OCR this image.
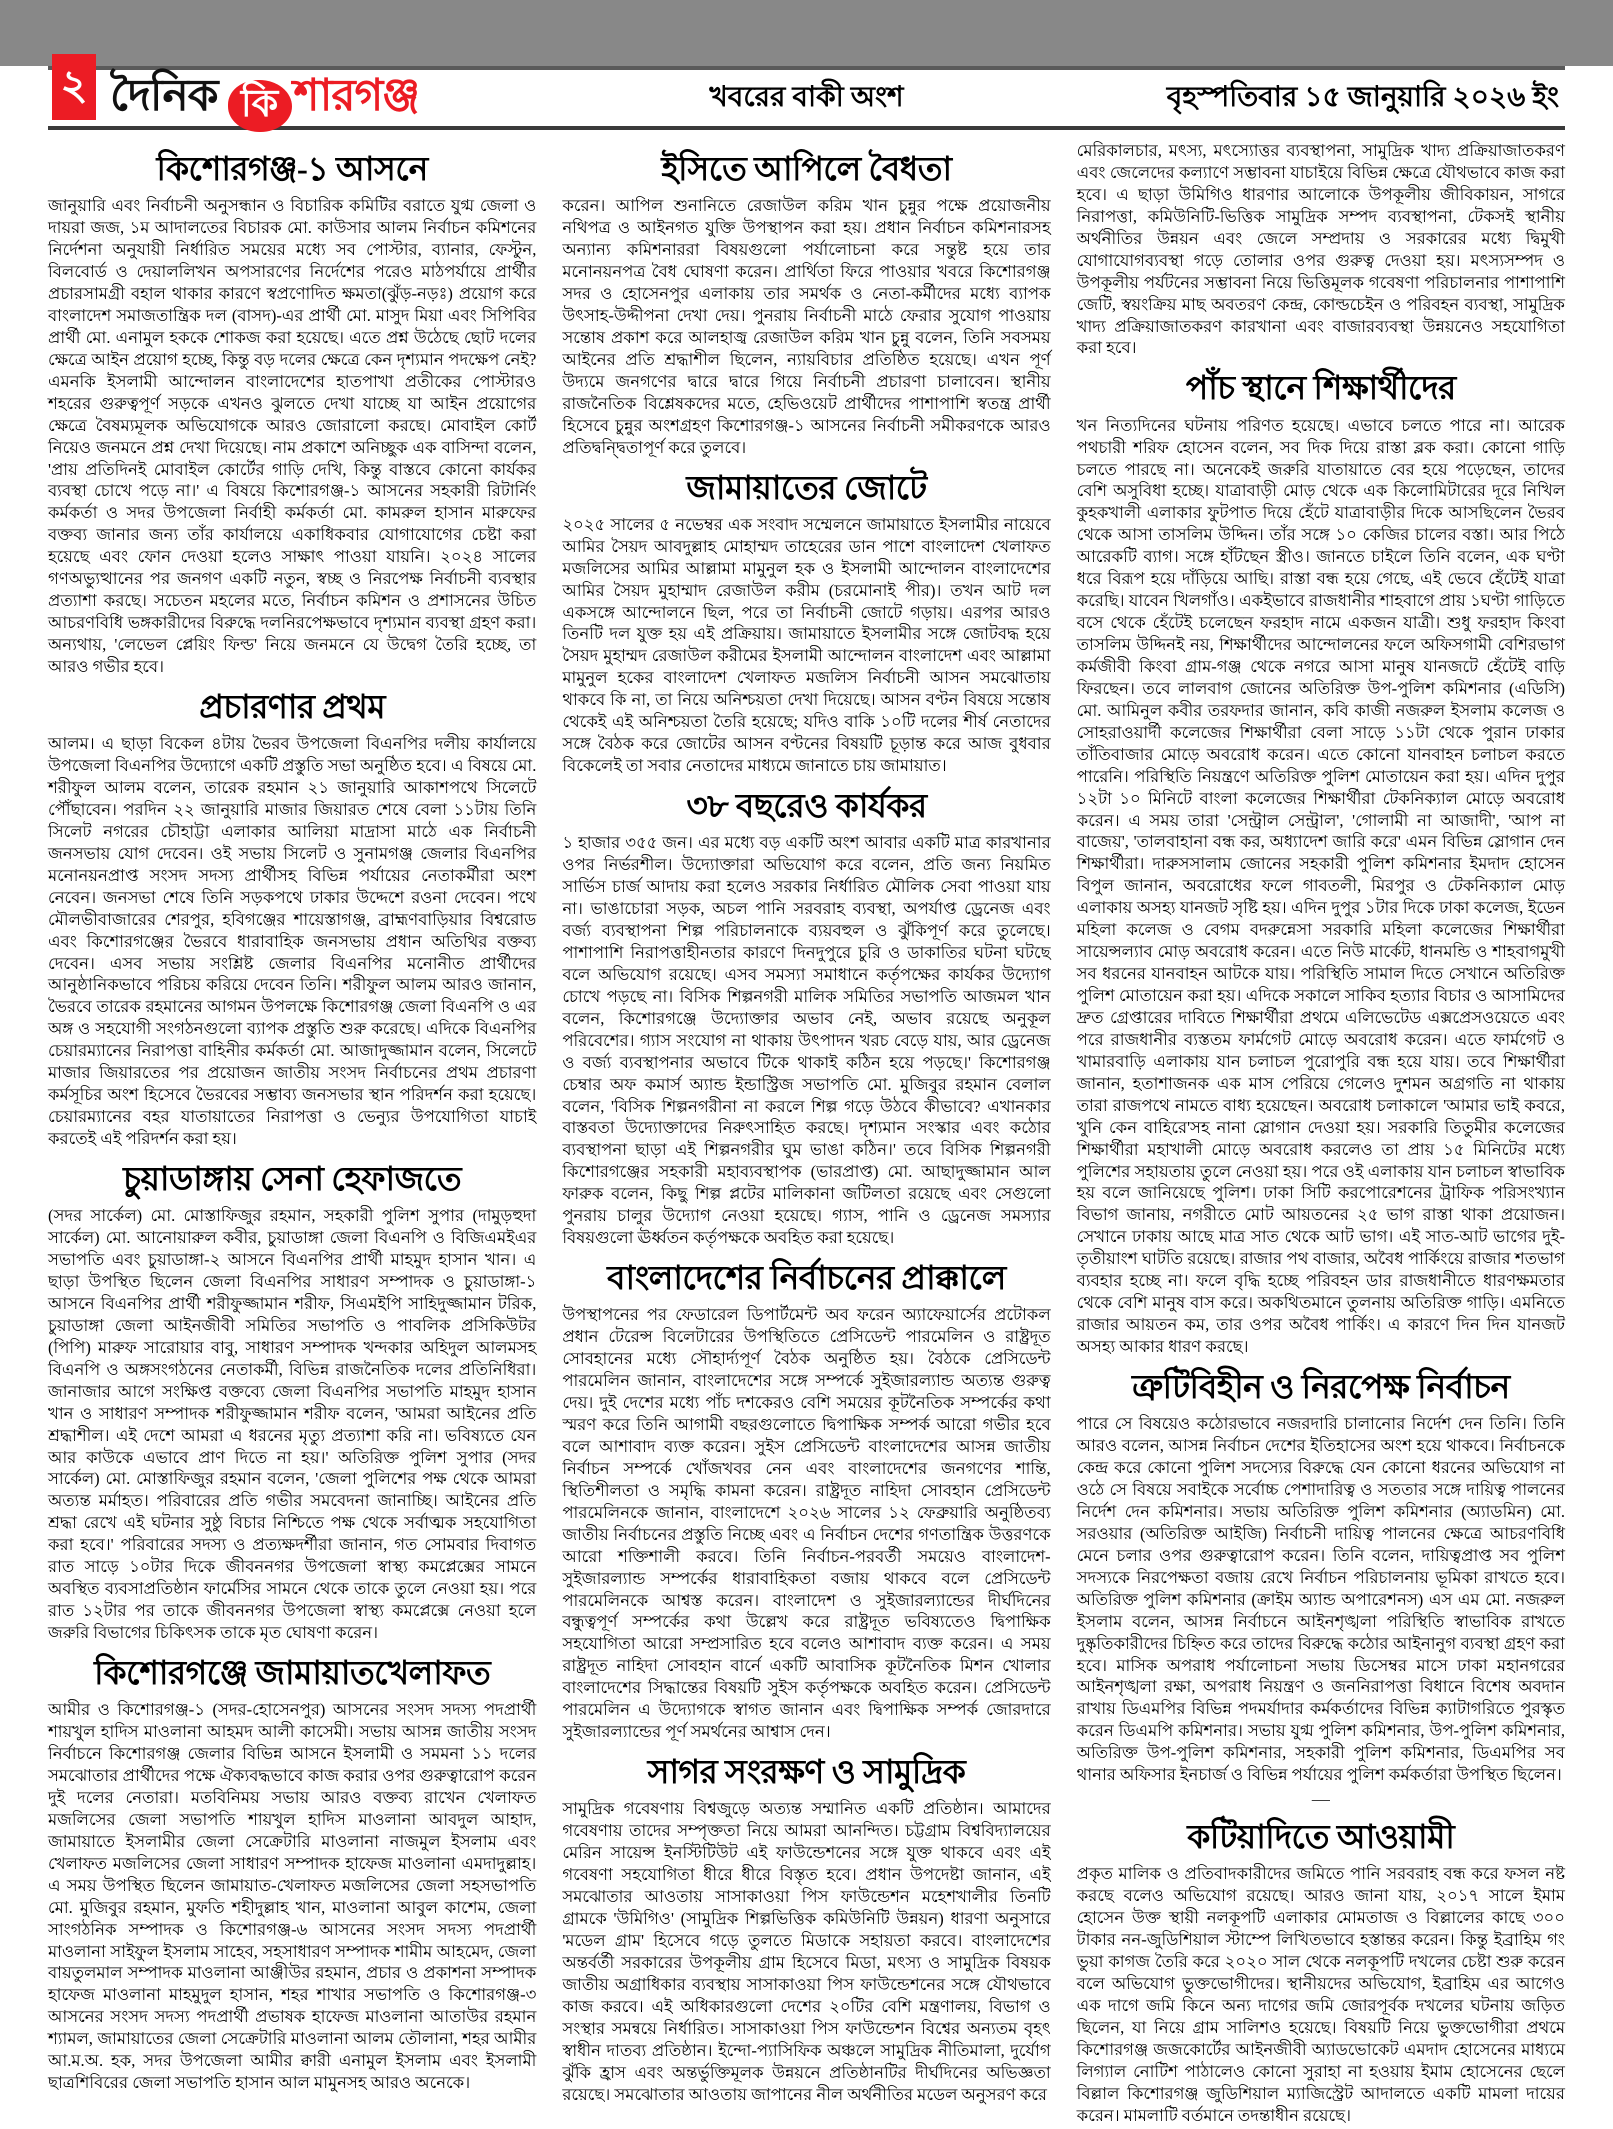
২ দৈনিক কি শারগঞ্জ	খবরের বাকী অংশ	বৃহস্পতিবার ১৫ জানুয়ারি ২০২৬ ইং
কিশোরগঞ্জ-১ আসনে

জানুয়ারি এবং নির্বাচনী অনুসন্ধান ও বিচারিক কমিটির বরাতে যুগ্ম জেলা ও দায়রা জজ, ১ম আদালতের বিচারক মো. কাউসার আলম নির্বাচন কমিশনের নির্দেশনা অনুযায়ী নির্ধারিত সময়ের মধ্যে সব পোস্টার, ব্যানার, ফেস্টুন, বিলবোর্ড ও দেয়াললিখন অপসারণের নির্দেশের পরেও মাঠপর্যায়ে প্রার্থীর প্রচারসামগ্রী বহাল থাকার কারণে স্বপ্রণোদিত ক্ষমতা(ঝুঁড়-নড়ঃ) প্রয়োগ করে বাংলাদেশ সমাজতান্ত্রিক দল (বাসদ)-এর প্রার্থী মো. মাসুদ মিয়া এবং সিপিবির প্রার্থী মো. এনামুল হককে শোকজ করা হয়েছে। এতে প্রশ্ন উঠেছে ছোট দলের ক্ষেত্রে আইন প্রয়োগ হচ্ছে, কিন্তু বড় দলের ক্ষেত্রে কেন দৃশ্যমান পদক্ষেপ নেই? এমনকি ইসলামী আন্দোলন বাংলাদেশের হাতপাখা প্রতীকের পোস্টারও শহরের গুরুত্বপূর্ণ সড়কে এখনও ঝুলতে দেখা যাচ্ছে যা আইন প্রয়োগের ক্ষেত্রে বৈষম্যমূলক অভিযোগকে আরও জোরালো করছে। মোবাইল কোর্ট নিয়েও জনমনে প্রশ্ন দেখা দিয়েছে। নাম প্রকাশে অনিচ্ছুক এক বাসিন্দা বলেন, 'প্রায় প্রতিদিনই মোবাইল কোর্টের গাড়ি দেখি, কিন্তু বাস্তবে কোনো কার্যকর ব্যবস্থা চোখে পড়ে না।' এ বিষয়ে কিশোরগঞ্জ-১ আসনের সহকারী রিটার্নিং কর্মকর্তা ও সদর উপজেলা নির্বাহী কর্মকর্তা মো. কামরুল হাসান মারুফের বক্তব্য জানার জন্য তাঁর কার্যালয়ে একাধিকবার যোগাযোগের চেষ্টা করা হয়েছে এবং ফোন দেওয়া হলেও সাক্ষাৎ পাওয়া যায়নি। ২০২৪ সালের গণঅভ্যুত্থানের পর জনগণ একটি নতুন, স্বচ্ছ ও নিরপেক্ষ নির্বাচনী ব্যবস্থার প্রত্যাশা করছে। সচেতন মহলের মতে, নির্বাচন কমিশন ও প্রশাসনের উচিত আচরণবিধি ভঙ্গকারীদের বিরুদ্ধে দলনিরপেক্ষভাবে দৃশ্যমান ব্যবস্থা গ্রহণ করা। অন্যথায়, 'লেভেল প্লেয়িং ফিল্ড' নিয়ে জনমনে যে উদ্বেগ তৈরি হচ্ছে, তা আরও গভীর হবে।

প্রচারণার প্রথম

আলম। এ ছাড়া বিকেল ৪টায় ভৈরব উপজেলা বিএনপির দলীয় কার্যালয়ে উপজেলা বিএনপির উদ্যোগে একটি প্রস্তুতি সভা অনুষ্ঠিত হবে। এ বিষয়ে মো. শরীফুল আলম বলেন, তারেক রহমান ২১ জানুয়ারি আকাশপথে সিলেটে পৌঁছাবেন। পরদিন ২২ জানুয়ারি মাজার জিয়ারত শেষে বেলা ১১টায় তিনি সিলেট নগরের চৌহাট্টা এলাকার আলিয়া মাদ্রাসা মাঠে এক নির্বাচনী জনসভায় যোগ দেবেন। ওই সভায় সিলেট ও সুনামগঞ্জ জেলার বিএনপির মনোনয়নপ্রাপ্ত সংসদ সদস্য প্রার্থীসহ বিভিন্ন পর্যায়ের নেতাকর্মীরা অংশ নেবেন। জনসভা শেষে তিনি সড়কপথে ঢাকার উদ্দেশে রওনা দেবেন। পথে মৌলভীবাজারের শেরপুর, হবিগঞ্জের শায়েস্তাগঞ্জ, ব্রাহ্মণবাড়িয়ার বিশ্বরোড এবং কিশোরগঞ্জের ভৈরবে ধারাবাহিক জনসভায় প্রধান অতিথির বক্তব্য দেবেন। এসব সভায় সংশ্লিষ্ট জেলার বিএনপির মনোনীত প্রার্থীদের আনুষ্ঠানিকভাবে পরিচয় করিয়ে দেবেন তিনি। শরীফুল আলম আরও জানান, ভৈরবে তারেক রহমানের আগমন উপলক্ষে কিশোরগঞ্জ জেলা বিএনপি ও এর অঙ্গ ও সহযোগী সংগঠনগুলো ব্যাপক প্রস্তুতি শুরু করেছে। এদিকে বিএনপির চেয়ারম্যানের নিরাপত্তা বাহিনীর কর্মকর্তা মো. আজাদুজ্জামান বলেন, সিলেটে মাজার জিয়ারতের পর প্রয়োজন জাতীয় সংসদ নির্বাচনের প্রথম প্রচারণা কর্মসূচির অংশ হিসেবে ভৈরবের সম্ভাব্য জনসভার স্থান পরিদর্শন করা হয়েছে। চেয়ারম্যানের বহর যাতায়াতের নিরাপত্তা ও ভেন্যুর উপযোগিতা যাচাই করতেই এই পরিদর্শন করা হয়।

চুয়াডাঙ্গায় সেনা হেফাজতে

(সদর সার্কেল) মো. মোস্তাফিজুর রহমান, সহকারী পুলিশ সুপার (দামুড়হুদা সার্কেল) মো. আনোয়ারুল কবীর, চুয়াডাঙ্গা জেলা বিএনপি ও বিজিএমইএর সভাপতি এবং চুয়াডাঙ্গা-২ আসনে বিএনপির প্রার্থী মাহমুদ হাসান খান। এ ছাড়া উপস্থিত ছিলেন জেলা বিএনপির সাধারণ সম্পাদক ও চুয়াডাঙ্গা-১ আসনে বিএনপির প্রার্থী শরীফুজ্জামান শরীফ, সিএমইপি সাহিদুজ্জামান টরিক, চুয়াডাঙ্গা জেলা আইনজীবী সমিতির সভাপতি ও পাবলিক প্রসিকিউটর (পিপি) মারুফ সারোয়ার বাবু, সাধারণ সম্পাদক খন্দকার অহিদুল আলমসহ বিএনপি ও অঙ্গসংগঠনের নেতাকর্মী, বিভিন্ন রাজনৈতিক দলের প্রতিনিধিরা। জানাজার আগে সংক্ষিপ্ত বক্তব্যে জেলা বিএনপির সভাপতি মাহমুদ হাসান খান ও সাধারণ সম্পাদক শরীফুজ্জামান শরীফ বলেন, 'আমরা আইনের প্রতি শ্রদ্ধাশীল। এই দেশে আমরা এ ধরনের মৃত্যু প্রত্যাশা করি না। ভবিষ্যতে যেন আর কাউকে এভাবে প্রাণ দিতে না হয়।' অতিরিক্ত পুলিশ সুপার (সদর সার্কেল) মো. মোস্তাফিজুর রহমান বলেন, 'জেলা পুলিশের পক্ষ থেকে আমরা অত্যন্ত মর্মাহত। পরিবারের প্রতি গভীর সমবেদনা জানাচ্ছি। আইনের প্রতি শ্রদ্ধা রেখে এই ঘটনার সুষ্ঠু বিচার নিশ্চিতে পক্ষ থেকে সর্বাত্মক সহযোগিতা করা হবে।' পরিবারের সদস্য ও প্রত্যক্ষদর্শীরা জানান, গত সোমবার দিবাগত রাত সাড়ে ১০টার দিকে জীবননগর উপজেলা স্বাস্থ্য কমপ্লেক্সের সামনে অবস্থিত ব্যবসাপ্রতিষ্ঠান ফার্মেসির সামনে থেকে তাকে তুলে নেওয়া হয়। পরে রাত ১২টার পর তাকে জীবননগর উপজেলা স্বাস্থ্য কমপ্লেক্সে নেওয়া হলে জরুরি বিভাগের চিকিৎসক তাকে মৃত ঘোষণা করেন।

কিশোরগঞ্জে জামায়াতখেলাফত

আমীর ও কিশোরগঞ্জ-১ (সদর-হোসেনপুর) আসনের সংসদ সদস্য পদপ্রার্থী শায়খুল হাদিস মাওলানা আহমদ আলী কাসেমী। সভায় আসন্ন জাতীয় সংসদ নির্বাচনে কিশোরগঞ্জ জেলার বিভিন্ন আসনে ইসলামী ও সমমনা ১১ দলের সমঝোতার প্রার্থীদের পক্ষে ঐক্যবদ্ধভাবে কাজ করার ওপর গুরুত্বারোপ করেন দুই দলের নেতারা। মতবিনিময় সভায় আরও বক্তব্য রাখেন খেলাফত মজলিসের জেলা সভাপতি শায়খুল হাদিস মাওলানা আবদুল আহাদ, জামায়াতে ইসলামীর জেলা সেক্রেটারি মাওলানা নাজমুল ইসলাম এবং খেলাফত মজলিসের জেলা সাধারণ সম্পাদক হাফেজ মাওলানা এমদাদুল্লাহ। এ সময় উপস্থিত ছিলেন জামায়াত-খেলাফত মজলিসের জেলা সহসভাপতি মো. মুজিবুর রহমান, মুফতি শহীদুল্লাহ খান, মাওলানা আবুল কাশেম, জেলা সাংগঠনিক সম্পাদক ও কিশোরগঞ্জ-৬ আসনের সংসদ সদস্য পদপ্রার্থী মাওলানা সাইফুল ইসলাম সাহেব, সহসাধারণ সম্পাদক শামীম আহমেদ, জেলা বায়তুলমাল সম্পাদক মাওলানা আঞ্জীউর রহমান, প্রচার ও প্রকাশনা সম্পাদক হাফেজ মাওলানা মাহমুদুল হাসান, শহর শাখার সভাপতি ও কিশোরগঞ্জ-৩ আসনের সংসদ সদস্য পদপ্রার্থী প্রভাষক হাফেজ মাওলানা আতাউর রহমান শ্যামল, জামায়াতের জেলা সেক্রেটারি মাওলানা আলম তৌলানা, শহর আমীর আ.ম.অ. হক, সদর উপজেলা আমীর ক্বারী এনামুল ইসলাম এবং ইসলামী ছাত্রশিবিরের জেলা সভাপতি হাসান আল মামুনসহ আরও অনেকে।

ইসিতে আপিলে বৈধতা

করেন। আপিল শুনানিতে রেজাউল করিম খান চুন্নুর পক্ষে প্রয়োজনীয় নথিপত্র ও আইনগত যুক্তি উপস্থাপন করা হয়। প্রধান নির্বাচন কমিশনারসহ অন্যান্য কমিশনাররা বিষয়গুলো পর্যালোচনা করে সন্তুষ্ট হয়ে তার মনোনয়নপত্র বৈধ ঘোষণা করেন। প্রার্থিতা ফিরে পাওয়ার খবরে কিশোরগঞ্জ সদর ও হোসেনপুর এলাকায় তার সমর্থক ও নেতা-কর্মীদের মধ্যে ব্যাপক উৎসাহ-উদ্দীপনা দেখা দেয়। পুনরায় নির্বাচনী মাঠে ফেরার সুযোগ পাওয়ায় সন্তোষ প্রকাশ করে আলহাজ্ব রেজাউল করিম খান চুন্নু বলেন, তিনি সবসময় আইনের প্রতি শ্রদ্ধাশীল ছিলেন, ন্যায়বিচার প্রতিষ্ঠিত হয়েছে। এখন পূর্ণ উদ্যমে জনগণের দ্বারে দ্বারে গিয়ে নির্বাচনী প্রচারণা চালাবেন। স্থানীয় রাজনৈতিক বিশ্লেষকদের মতে, হেভিওয়েট প্রার্থীদের পাশাপাশি স্বতন্ত্র প্রার্থী হিসেবে চুন্নুর অংশগ্রহণ কিশোরগঞ্জ-১ আসনের নির্বাচনী সমীকরণকে আরও প্রতিদ্বন্দ্বিতাপূর্ণ করে তুলবে।

জামায়াতের জোটে

২০২৫ সালের ৫ নভেম্বর এক সংবাদ সম্মেলনে জামায়াতে ইসলামীর নায়েবে আমির সৈয়দ আবদুল্লাহ মোহাম্মদ তাহেরের ডান পাশে বাংলাদেশ খেলাফত মজলিসের আমির আল্লামা মামুনুল হক ও ইসলামী আন্দোলন বাংলাদেশের আমির সৈয়দ মুহাম্মাদ রেজাউল করীম (চরমোনাই পীর)। তখন আট দল একসঙ্গে আন্দোলনে ছিল, পরে তা নির্বাচনী জোটে গড়ায়। এরপর আরও তিনটি দল যুক্ত হয় এই প্রক্রিয়ায়। জামায়াতে ইসলামীর সঙ্গে জোটবদ্ধ হয়ে সৈয়দ মুহাম্মদ রেজাউল করীমের ইসলামী আন্দোলন বাংলাদেশ এবং আল্লামা মামুনুল হকের বাংলাদেশ খেলাফত মজলিস নির্বাচনী আসন সমঝোতায় থাকবে কি না, তা নিয়ে অনিশ্চয়তা দেখা দিয়েছে। আসন বণ্টন বিষয়ে সন্তোষ থেকেই এই অনিশ্চয়তা তৈরি হয়েছে; যদিও বাকি ১০টি দলের শীর্ষ নেতাদের সঙ্গে বৈঠক করে জোটের আসন বণ্টনের বিষয়টি চূড়ান্ত করে আজ বুধবার বিকেলেই তা সবার নেতাদের মাধ্যমে জানাতে চায় জামায়াত।

৩৮ বছরেও কার্যকর

১ হাজার ৩৫৫ জন। এর মধ্যে বড় একটি অংশ আবার একটি মাত্র কারখানার ওপর নির্ভরশীল। উদ্যোক্তারা অভিযোগ করে বলেন, প্রতি জন্য নিয়মিত সার্ভিস চার্জ আদায় করা হলেও সরকার নির্ধারিত মৌলিক সেবা পাওয়া যায় না। ভাঙাচোরা সড়ক, অচল পানি সরবরাহ ব্যবস্থা, অপর্যাপ্ত ড্রেনেজ এবং বর্জ্য ব্যবস্থাপনা শিল্প পরিচালনাকে ব্যয়বহুল ও ঝুঁকিপূর্ণ করে তুলেছে। পাশাপাশি নিরাপত্তাহীনতার কারণে দিনদুপুরে চুরি ও ডাকাতির ঘটনা ঘটছে বলে অভিযোগ রয়েছে। এসব সমস্যা সমাধানে কর্তৃপক্ষের কার্যকর উদ্যোগ চোখে পড়ছে না। বিসিক শিল্পনগরী মালিক সমিতির সভাপতি আজমল খান বলেন, কিশোরগঞ্জে উদ্যোক্তার অভাব নেই, অভাব রয়েছে অনুকূল পরিবেশের। গ্যাস সংযোগ না থাকায় উৎপাদন খরচ বেড়ে যায়, আর ড্রেনেজ ও বর্জ্য ব্যবস্থাপনার অভাবে টিকে থাকাই কঠিন হয়ে পড়ছে।' কিশোরগঞ্জ চেম্বার অফ কমার্স অ্যান্ড ইন্ডাস্ট্রিজ সভাপতি মো. মুজিবুর রহমান বেলাল বলেন, 'বিসিক শিল্পনগরীনা না করলে শিল্প গড়ে উঠবে কীভাবে? এখানকার বাস্তবতা উদ্যোক্তাদের নিরুৎসাহিত করছে। দৃশ্যমান সংস্কার এবং কঠোর ব্যবস্থাপনা ছাড়া এই শিল্পনগরীর ঘুম ভাঙা কঠিন।' তবে বিসিক শিল্পনগরী কিশোরগঞ্জের সহকারী মহাব্যবস্থাপক (ভারপ্রাপ্ত) মো. আছাদুজ্জামান আল ফারুক বলেন, কিছু শিল্প প্লটের মালিকানা জটিলতা রয়েছে এবং সেগুলো পুনরায় চালুর উদ্যোগ নেওয়া হয়েছে। গ্যাস, পানি ও ড্রেনেজ সমস্যার বিষয়গুলো ঊর্ধ্বতন কর্তৃপক্ষকে অবহিত করা হয়েছে।

বাংলাদেশের নির্বাচনের প্রাক্কালে

উপস্থাপনের পর ফেডারেল ডিপার্টমেন্ট অব ফরেন অ্যাফেয়ার্সের প্রটোকল প্রধান টেরেন্স বিলেটারের উপস্থিতিতে প্রেসিডেন্ট পারমেলিন ও রাষ্ট্রদূত সোবহানের মধ্যে সৌহার্দ্যপূর্ণ বৈঠক অনুষ্ঠিত হয়। বৈঠকে প্রেসিডেন্ট পারমেলিন জানান, বাংলাদেশের সঙ্গে সম্পর্কে সুইজারল্যান্ড অত্যন্ত গুরুত্ব দেয়। দুই দেশের মধ্যে পাঁচ দশকেরও বেশি সময়ের কূটনৈতিক সম্পর্কের কথা স্মরণ করে তিনি আগামী বছরগুলোতে দ্বিপাক্ষিক সম্পর্ক আরো গভীর হবে বলে আশাবাদ ব্যক্ত করেন। সুইস প্রেসিডেন্ট বাংলাদেশের আসন্ন জাতীয় নির্বাচন সম্পর্কে খোঁজখবর নেন এবং বাংলাদেশের জনগণের শান্তি, স্থিতিশীলতা ও সমৃদ্ধি কামনা করেন। রাষ্ট্রদূত নাহিদা সোবহান প্রেসিডেন্ট পারমেলিনকে জানান, বাংলাদেশে ২০২৬ সালের ১২ ফেব্রুয়ারি অনুষ্ঠিতব্য জাতীয় নির্বাচনের প্রস্তুতি নিচ্ছে এবং এ নির্বাচন দেশের গণতান্ত্রিক উত্তরণকে আরো শক্তিশালী করবে। তিনি নির্বাচন-পরবর্তী সময়েও বাংলাদেশ-সুইজারল্যান্ড সম্পর্কের ধারাবাহিকতা বজায় থাকবে বলে প্রেসিডেন্ট পারমেলিনকে আশ্বস্ত করেন। বাংলাদেশ ও সুইজারল্যান্ডের দীর্ঘদিনের বন্ধুত্বপূর্ণ সম্পর্কের কথা উল্লেখ করে রাষ্ট্রদূত ভবিষ্যতেও দ্বিপাক্ষিক সহযোগিতা আরো সম্প্রসারিত হবে বলেও আশাবাদ ব্যক্ত করেন। এ সময় রাষ্ট্রদূত নাহিদা সোবহান বার্নে একটি আবাসিক কূটনৈতিক মিশন খোলার বাংলাদেশের সিদ্ধান্তের বিষয়টি সুইস কর্তৃপক্ষকে অবহিত করেন। প্রেসিডেন্ট পারমেলিন এ উদ্যোগকে স্বাগত জানান এবং দ্বিপাক্ষিক সম্পর্ক জোরদারে সুইজারল্যান্ডের পূর্ণ সমর্থনের আশ্বাস দেন।

সাগর সংরক্ষণ ও সামুদ্রিক

সামুদ্রিক গবেষণায় বিশ্বজুড়ে অত্যন্ত সম্মানিত একটি প্রতিষ্ঠান। আমাদের গবেষণায় তাদের সম্পৃক্ততা নিয়ে আমরা আনন্দিত। চট্টগ্রাম বিশ্ববিদ্যালয়ের মেরিন সায়েন্স ইনস্টিটিউট এই ফাউন্ডেশনের সঙ্গে যুক্ত থাকবে এবং এই গবেষণা সহযোগিতা ধীরে ধীরে বিস্তৃত হবে। প্রধান উপদেষ্টা জানান, এই সমঝোতার আওতায় সাসাকাওয়া পিস ফাউন্ডেশন মহেশখালীর তিনটি গ্রামকে 'উমিগিও' (সামুদ্রিক শিল্পভিত্তিক কমিউনিটি উন্নয়ন) ধারণা অনুসারে 'মডেল গ্রাম' হিসেবে গড়ে তুলতে মিডাকে সহায়তা করবে। বাংলাদেশের অন্তর্বর্তী সরকারের উপকূলীয় গ্রাম হিসেবে মিডা, মৎস্য ও সামুদ্রিক বিষয়ক জাতীয় অগ্রাধিকার ব্যবস্থায় সাসাকাওয়া পিস ফাউন্ডেশনের সঙ্গে যৌথভাবে কাজ করবে। এই অধিকারগুলো দেশের ২০টির বেশি মন্ত্রণালয়, বিভাগ ও সংস্থার সমন্বয়ে নির্ধারিত। সাসাকাওয়া পিস ফাউন্ডেশন বিশ্বের অন্যতম বৃহৎ স্বাধীন দাতব্য প্রতিষ্ঠান। ইন্দো-প্যাসিফিক অঞ্চলে সামুদ্রিক নীতিমালা, দুর্যোগ ঝুঁকি হ্রাস এবং অন্তর্ভুক্তিমূলক উন্নয়নে প্রতিষ্ঠানটির দীর্ঘদিনের অভিজ্ঞতা রয়েছে। সমঝোতার আওতায় জাপানের নীল অর্থনীতির মডেল অনুসরণ করে

মেরিকালচার, মৎস্য, মৎস্যোত্তর ব্যবস্থাপনা, সামুদ্রিক খাদ্য প্রক্রিয়াজাতকরণ এবং জেলেদের কল্যাণে সম্ভাবনা যাচাইয়ে বিভিন্ন ক্ষেত্রে যৌথভাবে কাজ করা হবে। এ ছাড়া উমিগিও ধারণার আলোকে উপকূলীয় জীবিকায়ন, সাগরে নিরাপত্তা, কমিউনিটি-ভিত্তিক সামুদ্রিক সম্পদ ব্যবস্থাপনা, টেকসই স্থানীয় অর্থনীতির উন্নয়ন এবং জেলে সম্প্রদায় ও সরকারের মধ্যে দ্বিমুখী যোগাযোগব্যবস্থা গড়ে তোলার ওপর গুরুত্ব দেওয়া হয়। মৎস্যসম্পদ ও উপকূলীয় পর্যটনের সম্ভাবনা নিয়ে ভিত্তিমূলক গবেষণা পরিচালনার পাশাপাশি জেটি, স্বয়ংক্রিয় মাছ অবতরণ কেন্দ্র, কোল্ডচেইন ও পরিবহন ব্যবস্থা, সামুদ্রিক খাদ্য প্রক্রিয়াজাতকরণ কারখানা এবং বাজারব্যবস্থা উন্নয়নেও সহযোগিতা করা হবে।

পাঁচ স্থানে শিক্ষার্থীদের

খন নিত্যদিনের ঘটনায় পরিণত হয়েছে। এভাবে চলতে পারে না। আরেক পথচারী শরিফ হোসেন বলেন, সব দিক দিয়ে রাস্তা ব্লক করা। কোনো গাড়ি চলতে পারছে না। অনেকেই জরুরি যাতায়াতে বের হয়ে পড়েছেন, তাদের বেশি অসুবিধা হচ্ছে। যাত্রাবাড়ী মোড় থেকে এক কিলোমিটারের দূরে নিখিল কুহকখালী এলাকার ফুটপাত দিয়ে হেঁটে যাত্রাবাড়ীর দিকে আসছিলেন ভৈরব থেকে আসা তাসলিম উদ্দিন। তাঁর সঙ্গে ১০ কেজির চালের বস্তা। আর পিঠে আরেকটি ব্যাগ। সঙ্গে হাঁটছেন স্ত্রীও। জানতে চাইলে তিনি বলেন, এক ঘণ্টা ধরে বিরূপ হয়ে দাঁড়িয়ে আছি। রাস্তা বন্ধ হয়ে গেছে, এই ভেবে হেঁটেই যাত্রা করেছি। যাবেন খিলগাঁও। একইভাবে রাজধানীর শাহবাগে প্রায় ১ঘণ্টা গাড়িতে বসে থেকে হেঁটেই চলেছেন ফরহাদ নামে একজন যাত্রী। শুধু ফরহাদ কিংবা তাসলিম উদ্দিনই নয়, শিক্ষার্থীদের আন্দোলনের ফলে অফিসগামী বেশিরভাগ কর্মজীবী কিংবা গ্রাম-গঞ্জ থেকে নগরে আসা মানুষ যানজটে হেঁটেই বাড়ি ফিরছেন। তবে লালবাগ জোনের অতিরিক্ত উপ-পুলিশ কমিশনার (এডিসি) মো. আমিনুল কবীর তরফদার জানান, কবি কাজী নজরুল ইসলাম কলেজ ও সোহরাওয়ার্দী কলেজের শিক্ষার্থীরা বেলা সাড়ে ১১টা থেকে পুরান ঢাকার তাঁতিবাজার মোড়ে অবরোধ করেন। এতে কোনো যানবাহন চলাচল করতে পারেনি। পরিস্থিতি নিয়ন্ত্রণে অতিরিক্ত পুলিশ মোতায়েন করা হয়। এদিন দুপুর ১২টা ১০ মিনিটে বাংলা কলেজের শিক্ষার্থীরা টেকনিক্যাল মোড়ে অবরোধ করেন। এ সময় তারা 'সেন্ট্রাল সেন্ট্রাল', 'গোলামী না আজাদী', 'আপ না বাজেয়', 'তালবাহানা বন্ধ কর, অধ্যাদেশ জারি করে' এমন বিভিন্ন স্লোগান দেন শিক্ষার্থীরা। দারুসসালাম জোনের সহকারী পুলিশ কমিশনার ইমদাদ হোসেন বিপুল জানান, অবরোধের ফলে গাবতলী, মিরপুর ও টেকনিক্যাল মোড় এলাকায় অসহ্য যানজট সৃষ্টি হয়। এদিন দুপুর ১টার দিকে ঢাকা কলেজ, ইডেন মহিলা কলেজ ও বেগম বদরুন্নেসা সরকারি মহিলা কলেজের শিক্ষার্থীরা সায়েন্সল্যাব মোড় অবরোধ করেন। এতে নিউ মার্কেট, ধানমন্ডি ও শাহবাগমুখী সব ধরনের যানবাহন আটকে যায়। পরিস্থিতি সামাল দিতে সেখানে অতিরিক্ত পুলিশ মোতায়েন করা হয়। এদিকে সকালে সাকিব হত্যার বিচার ও আসামিদের দ্রুত গ্রেপ্তারের দাবিতে শিক্ষার্থীরা প্রথমে এলিভেটেড এক্সপ্রেসওয়েতে এবং পরে রাজধানীর ব্যস্ততম ফার্মগেট মোড়ে অবরোধ করেন। এতে ফার্মগেট ও খামারবাড়ি এলাকায় যান চলাচল পুরোপুরি বন্ধ হয়ে যায়। তবে শিক্ষার্থীরা জানান, হতাশাজনক এক মাস পেরিয়ে গেলেও দুশমন অগ্রগতি না থাকায় তারা রাজপথে নামতে বাধ্য হয়েছেন। অবরোধ চলাকালে 'আমার ভাই কবরে, খুনি কেন বাহিরে'সহ নানা স্লোগান দেওয়া হয়। সরকারি তিতুমীর কলেজের শিক্ষার্থীরা মহাখালী মোড়ে অবরোধ করলেও তা প্রায় ১৫ মিনিটের মধ্যে পুলিশের সহায়তায় তুলে নেওয়া হয়। পরে ওই এলাকায় যান চলাচল স্বাভাবিক হয় বলে জানিয়েছে পুলিশ। ঢাকা সিটি করপোরেশনের ট্রাফিক পরিসংখ্যান বিভাগ জানায়, নগরীতে মোট আয়তনের ২৫ ভাগ রাস্তা থাকা প্রয়োজন। সেখানে ঢাকায় আছে মাত্র সাত থেকে আট ভাগ। এই সাত-আট ভাগের দুই-তৃতীয়াংশ ঘাটতি রয়েছে। রাজার পথ বাজার, অবৈধ পার্কিংয়ে রাজার শতভাগ ব্যবহার হচ্ছে না। ফলে বৃদ্ধি হচ্ছে পরিবহন ডার রাজধানীতে ধারণক্ষমতার থেকে বেশি মানুষ বাস করে। অকথিতমানে তুলনায় অতিরিক্ত গাড়ি। এমনিতে রাজার আয়তন কম, তার ওপর অবৈধ পার্কিং। এ কারণে দিন দিন যানজট অসহ্য আকার ধারণ করছে।

ত্রুটিবিহীন ও নিরপেক্ষ নির্বাচন

পারে সে বিষয়েও কঠোরভাবে নজরদারি চালানোর নির্দেশ দেন তিনি। তিনি আরও বলেন, আসন্ন নির্বাচন দেশের ইতিহাসের অংশ হয়ে থাকবে। নির্বাচনকে কেন্দ্র করে কোনো পুলিশ সদস্যের বিরুদ্ধে যেন কোনো ধরনের অভিযোগ না ওঠে সে বিষয়ে সবাইকে সর্বোচ্চ পেশাদারিত্ব ও সততার সঙ্গে দায়িত্ব পালনের নির্দেশ দেন কমিশনার। সভায় অতিরিক্ত পুলিশ কমিশনার (অ্যাডমিন) মো. সরওয়ার (অতিরিক্ত আইজি) নির্বাচনী দায়িত্ব পালনের ক্ষেত্রে আচরণবিধি মেনে চলার ওপর গুরুত্বারোপ করেন। তিনি বলেন, দায়িত্বপ্রাপ্ত সব পুলিশ সদস্যকে নিরপেক্ষতা বজায় রেখে নির্বাচন পরিচালনায় ভূমিকা রাখতে হবে। অতিরিক্ত পুলিশ কমিশনার (ক্রাইম অ্যান্ড অপারেশনস) এস এম মো. নজরুল ইসলাম বলেন, আসন্ন নির্বাচনে আইনশৃঙ্খলা পরিস্থিতি স্বাভাবিক রাখতে দুষ্কৃতিকারীদের চিহ্নিত করে তাদের বিরুদ্ধে কঠোর আইনানুগ ব্যবস্থা গ্রহণ করা হবে। মাসিক অপরাধ পর্যালোচনা সভায় ডিসেম্বর মাসে ঢাকা মহানগরের আইনশৃঙ্খলা রক্ষা, অপরাধ নিয়ন্ত্রণ ও জননিরাপত্তা বিধানে বিশেষ অবদান রাখায় ডিএমপির বিভিন্ন পদমর্যাদার কর্মকর্তাদের বিভিন্ন ক্যাটাগরিতে পুরস্কৃত করেন ডিএমপি কমিশনার। সভায় যুগ্ম পুলিশ কমিশনার, উপ-পুলিশ কমিশনার, অতিরিক্ত উপ-পুলিশ কমিশনার, সহকারী পুলিশ কমিশনার, ডিএমপির সব থানার অফিসার ইনচার্জ ও বিভিন্ন পর্যায়ের পুলিশ কর্মকর্তারা উপস্থিত ছিলেন।

—
কটিয়াদিতে আওয়ামী

প্রকৃত মালিক ও প্রতিবাদকারীদের জমিতে পানি সরবরাহ বন্ধ করে ফসল নষ্ট করছে বলেও অভিযোগ রয়েছে। আরও জানা যায়, ২০১৭ সালে ইমাম হোসেন উক্ত স্থায়ী নলকূপটি এলাকার মোমতাজ ও বিল্লালের কাছে ৩০০ টাকার নন-জুডিশিয়াল স্টাম্পে লিখিতভাবে হস্তান্তর করেন। কিন্তু ইব্রাহিম গং ভুয়া কাগজ তৈরি করে ২০২০ সাল থেকে নলকূপটি দখলের চেষ্টা শুরু করেন বলে অভিযোগ ভুক্তভোগীদের। স্থানীয়দের অভিযোগ, ইব্রাহিম এর আগেও এক দাগে জমি কিনে অন্য দাগের জমি জোরপূর্বক দখলের ঘটনায় জড়িত ছিলেন, যা নিয়ে গ্রাম সালিশও হয়েছে। বিষয়টি নিয়ে ভুক্তভোগীরা প্রথমে কিশোরগঞ্জ জজকোর্টের আইনজীবী অ্যাডভোকেট এমদাদ হোসেনের মাধ্যমে লিগ্যাল নোটিশ পাঠালেও কোনো সুরাহা না হওয়ায় ইমাম হোসেনের ছেলে বিল্লাল কিশোরগঞ্জ জুডিশিয়াল ম্যাজিস্ট্রেট আদালতে একটি মামলা দায়ের করেন। মামলাটি বর্তমানে তদন্তাধীন রয়েছে।
